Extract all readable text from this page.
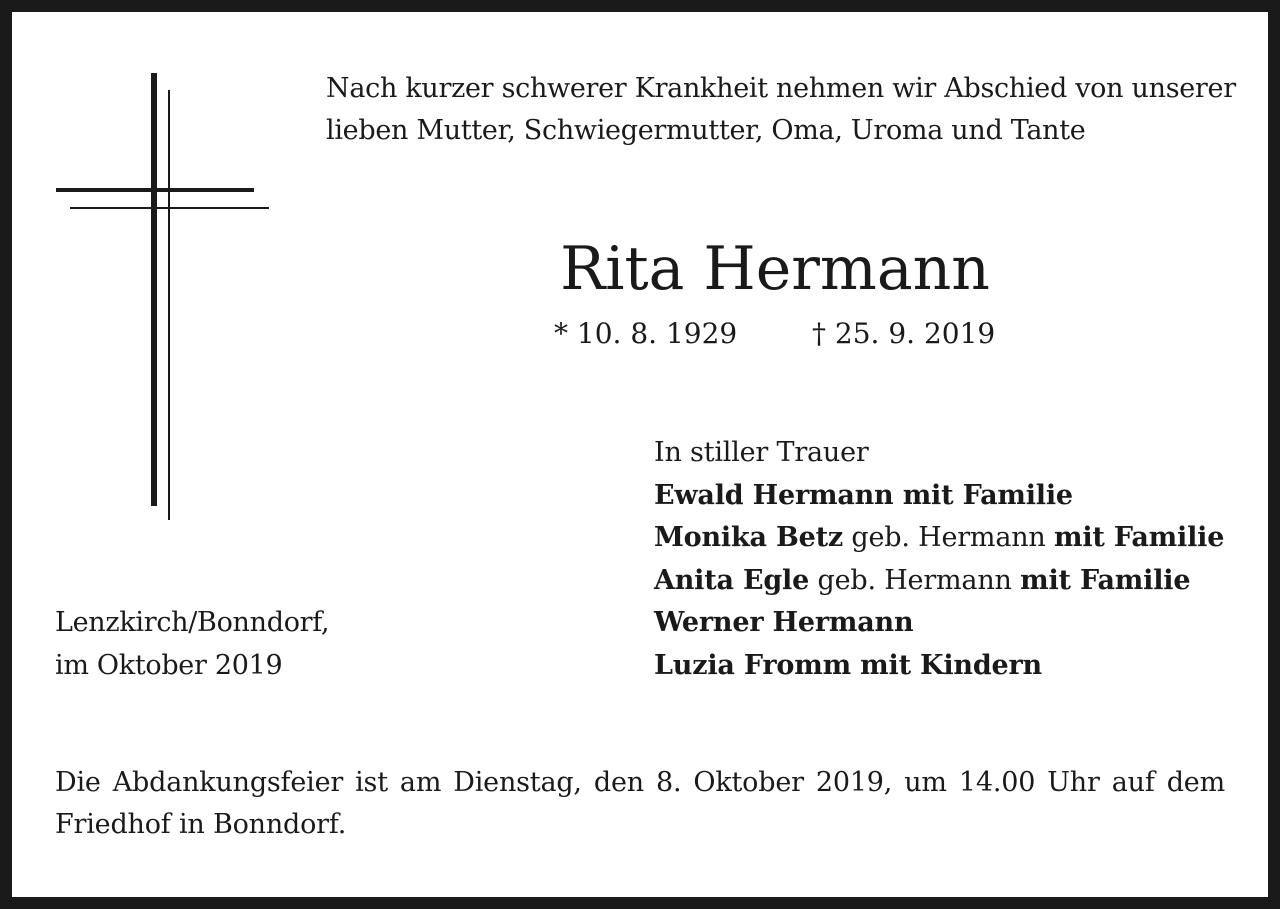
Nach kurzer schwerer Krankheit nehmen wir Abschied von unserer
lieben Mutter, Schwiegermutter, Oma, Uroma und Tante
Rita Hermann
* 10. 8. 1929	† 25. 9. 2019
In stiller Trauer
Ewald Hermann mit Familie
Monika Betz geb. Hermann mit Familie
Anita Egle geb. Hermann mit Familie
Werner Hermann
Luzia Fromm mit Kindern
Lenzkirch/Bonndorf,
im Oktober 2019
Die Abdankungsfeier ist am Dienstag, den 8. Oktober 2019, um 14.00 Uhr auf dem
Friedhof in Bonndorf.
